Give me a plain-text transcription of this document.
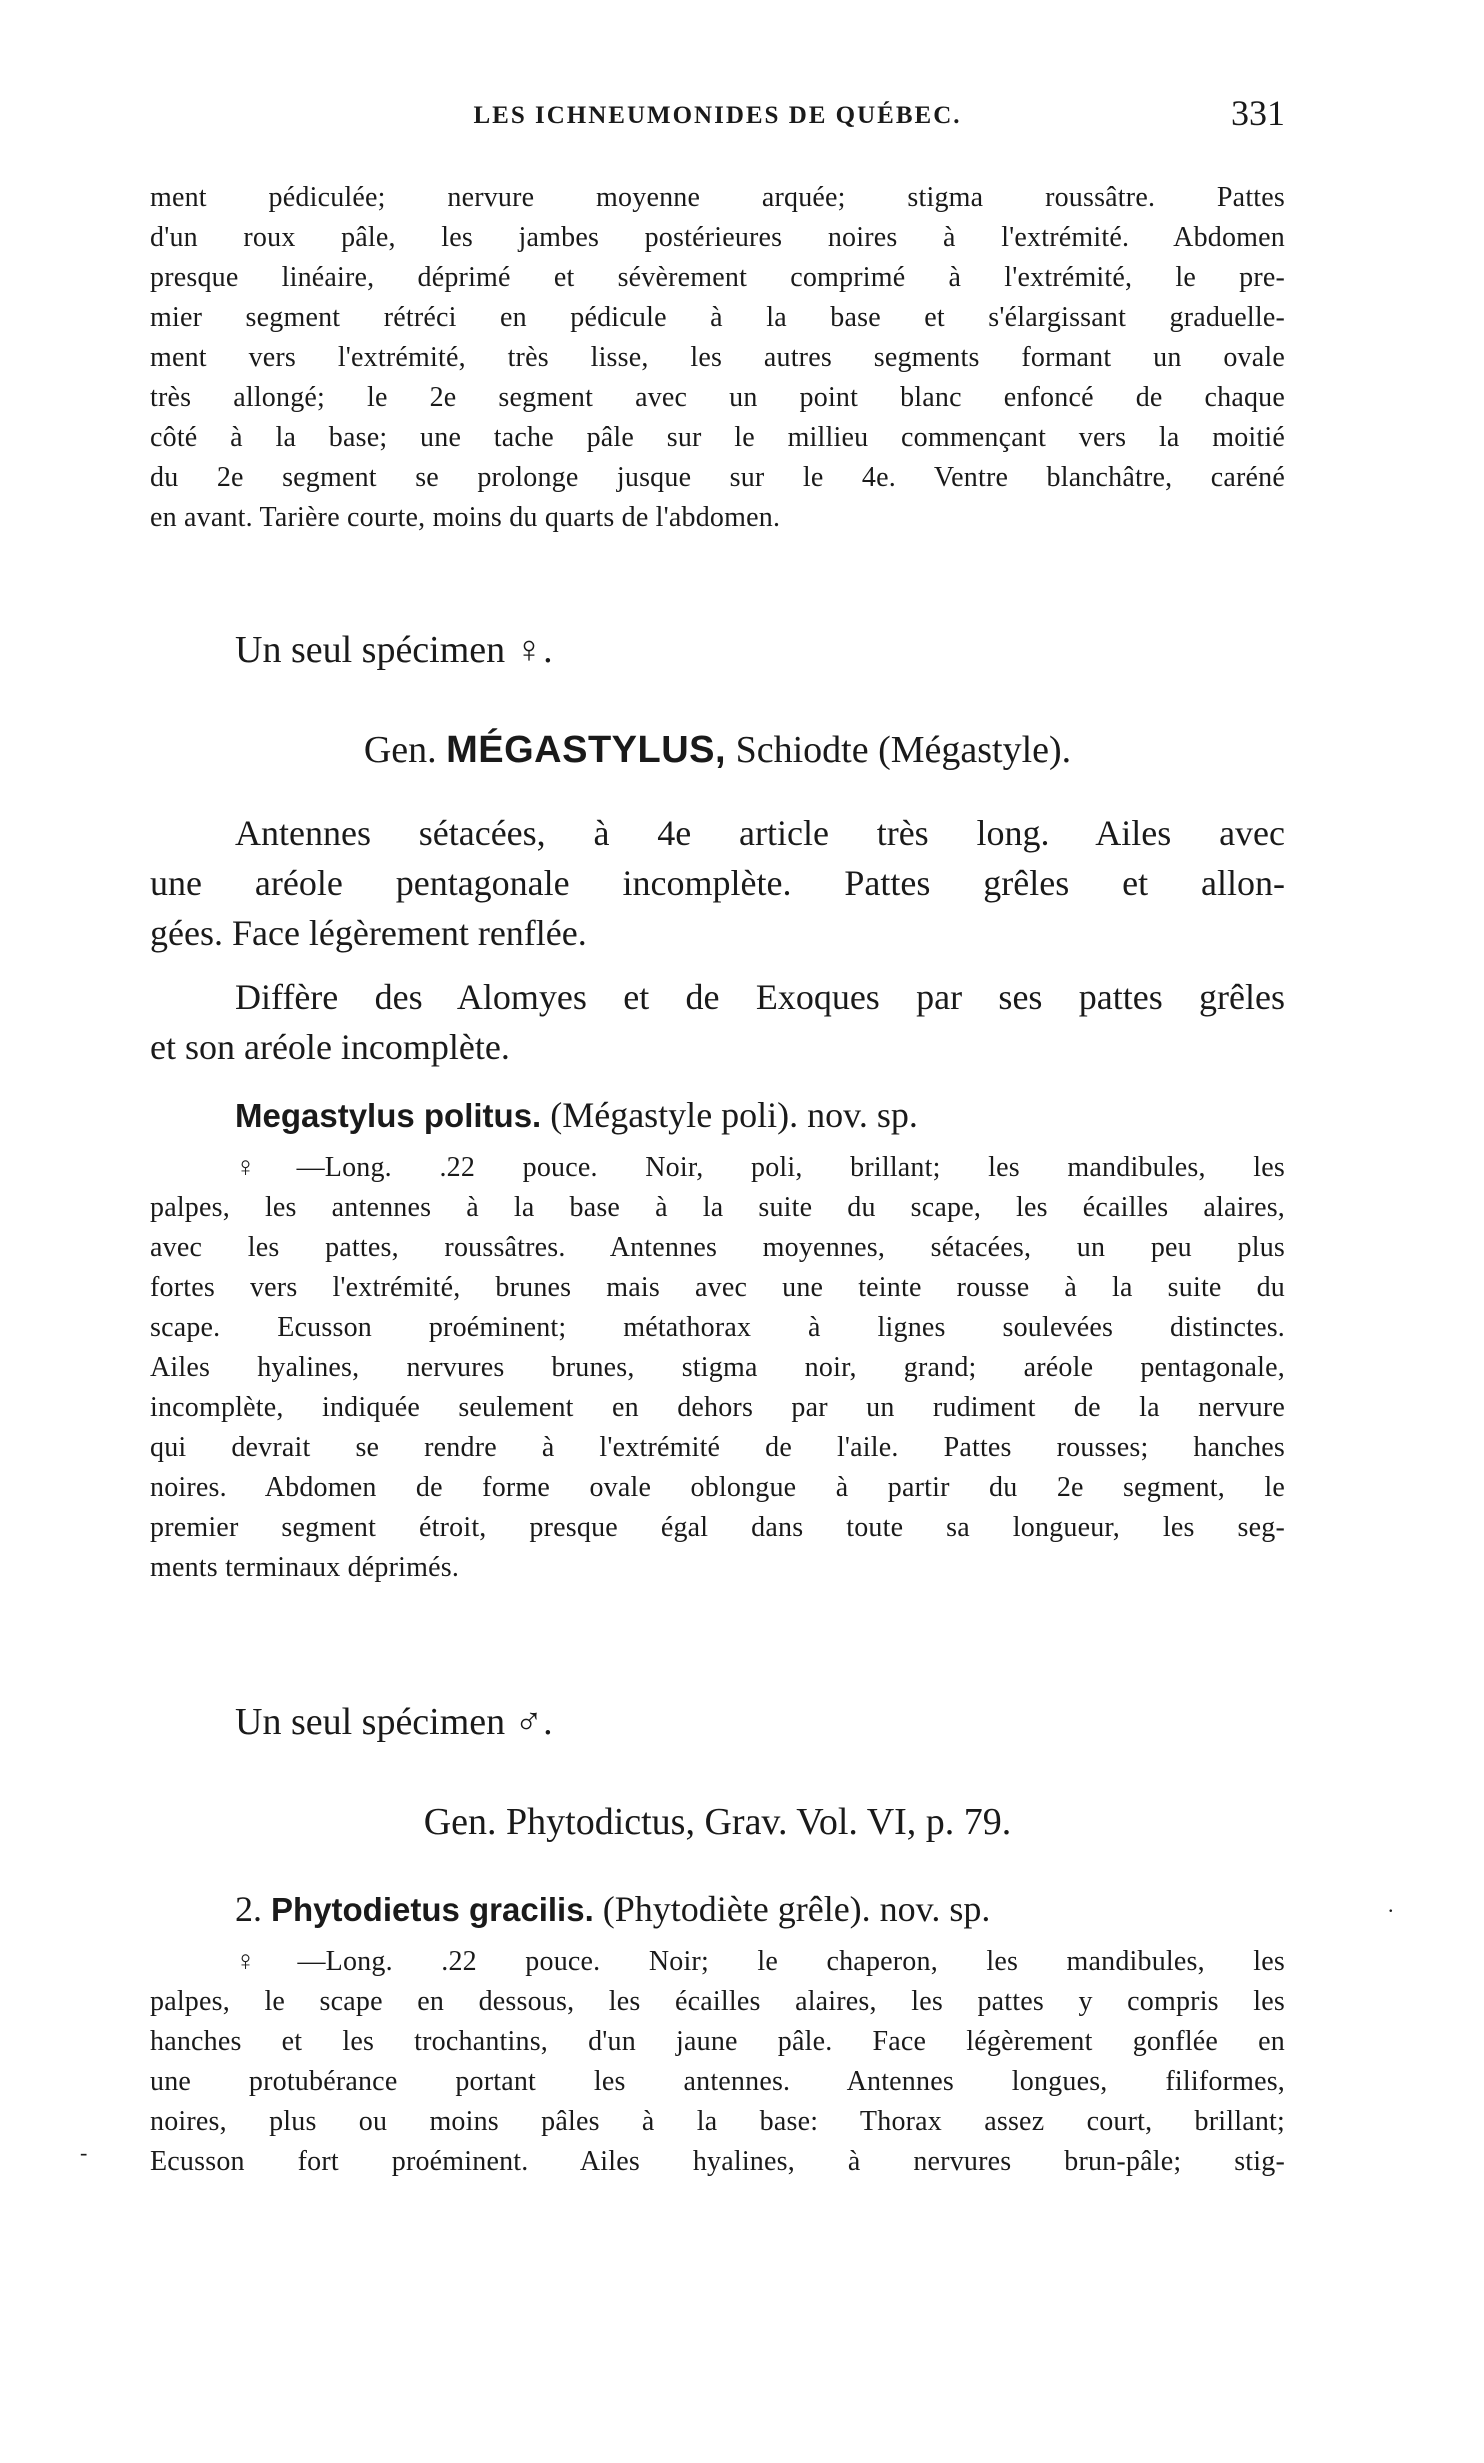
LES ICHNEUMONIDES DE QUÉBEC.	331
ment pédiculée; nervure moyenne arquée; stigma roussâtre. Pattes
d'un roux pâle, les jambes postérieures noires à l'extrémité. Abdomen
presque linéaire, déprimé et sévèrement comprimé à l'extrémité, le pre-
mier segment rétréci en pédicule à la base et s'élargissant graduelle-
ment vers l'extrémité, très lisse, les autres segments formant un ovale
très allongé; le 2e segment avec un point blanc enfoncé de chaque
côté à la base; une tache pâle sur le millieu commençant vers la moitié
du 2e segment se prolonge jusque sur le 4e. Ventre blanchâtre, caréné
en avant. Tarière courte, moins du quarts de l'abdomen.
Un seul spécimen ♀.
Gen. MÉGASTYLUS, Schiodte (Mégastyle).
Antennes sétacées, à 4e article très long. Ailes avec
une aréole pentagonale incomplète. Pattes grêles et allon-
gées. Face légèrement renflée.
Diffère des Alomyes et de Exoques par ses pattes grêles
et son aréole incomplète.
Megastylus politus. (Mégastyle poli). nov. sp.
♀—Long. .22 pouce. Noir, poli, brillant; les mandibules, les
palpes, les antennes à la base à la suite du scape, les écailles alaires,
avec les pattes, roussâtres. Antennes moyennes, sétacées, un peu plus
fortes vers l'extrémité, brunes mais avec une teinte rousse à la suite du
scape. Ecusson proéminent; métathorax à lignes soulevées distinctes.
Ailes hyalines, nervures brunes, stigma noir, grand; aréole pentagonale,
incomplète, indiquée seulement en dehors par un rudiment de la nervure
qui devrait se rendre à l'extrémité de l'aile. Pattes rousses; hanches
noires. Abdomen de forme ovale oblongue à partir du 2e segment, le
premier segment étroit, presque égal dans toute sa longueur, les seg-
ments terminaux déprimés.
Un seul spécimen ♂.
Gen. Phytodictus, Grav. Vol. VI, p. 79.
2. Phytodietus gracilis. (Phytodiète grêle). nov. sp.
♀—Long. .22 pouce. Noir; le chaperon, les mandibules, les
palpes, le scape en dessous, les écailles alaires, les pattes y compris les
hanches et les trochantins, d'un jaune pâle. Face légèrement gonflée en
une protubérance portant les antennes. Antennes longues, filiformes,
noires, plus ou moins pâles à la base: Thorax assez court, brillant;
Ecusson fort proéminent. Ailes hyalines, à nervures brun-pâle; stig-
.
-
